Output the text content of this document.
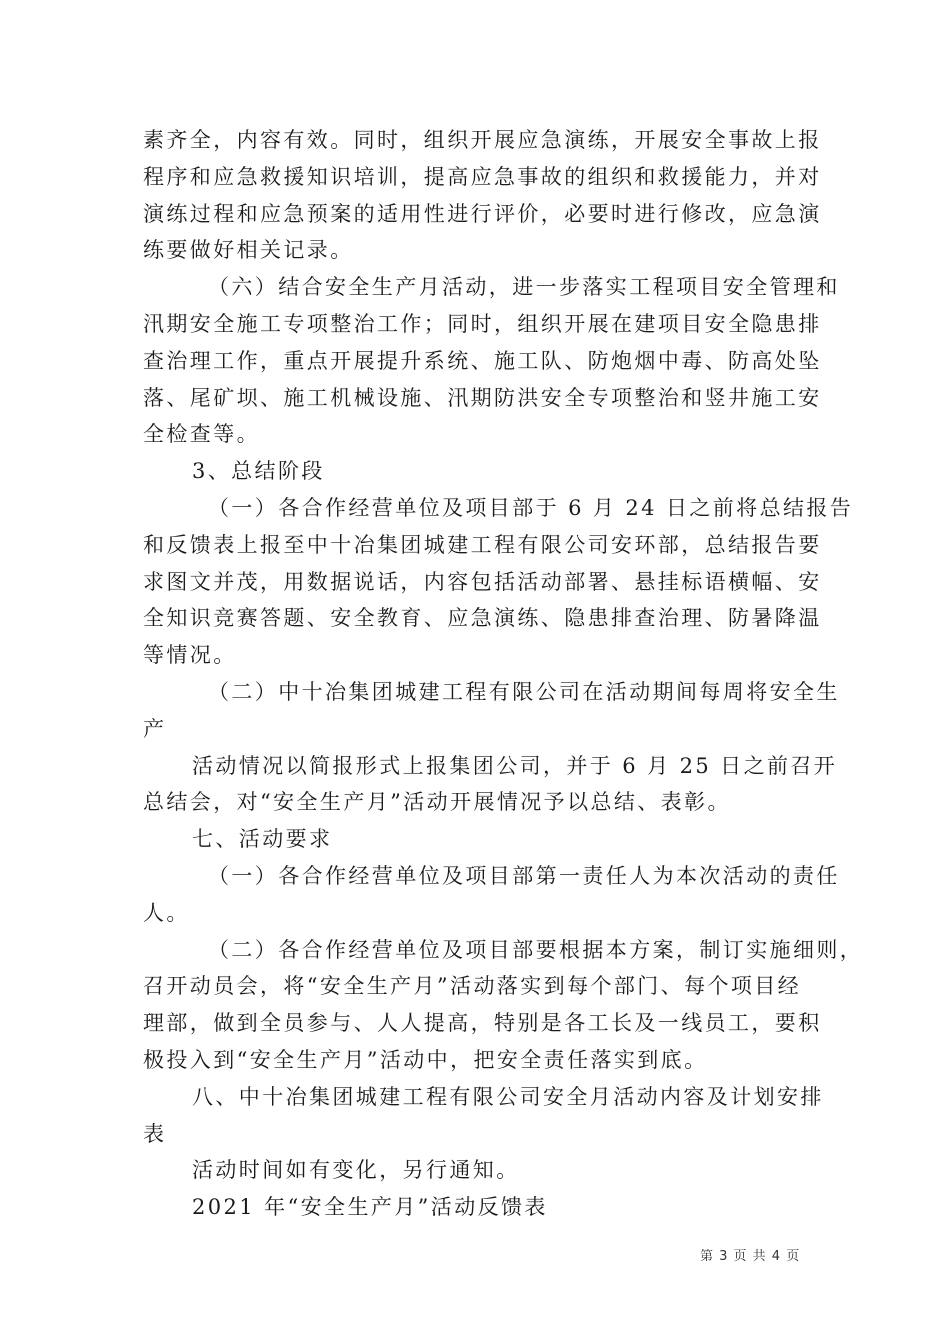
素齐全，内容有效。同时，组织开展应急演练，开展安全事故上报
程序和应急救援知识培训，提高应急事故的组织和救援能力，并对
演练过程和应急预案的适用性进行评价，必要时进行修改，应急演
练要做好相关记录。
（六）结合安全生产月活动，进一步落实工程项目安全管理和
汛期安全施工专项整治工作；同时，组织开展在建项目安全隐患排
查治理工作，重点开展提升系统、施工队、防炮烟中毒、防高处坠
落、尾矿坝、施工机械设施、汛期防洪安全专项整治和竖井施工安
全检查等。
3、总结阶段
（一）各合作经营单位及项目部于 6 月 24 日之前将总结报告
和反馈表上报至中十冶集团城建工程有限公司安环部，总结报告要
求图文并茂，用数据说话，内容包括活动部署、悬挂标语横幅、安
全知识竞赛答题、安全教育、应急演练、隐患排查治理、防暑降温
等情况。
（二）中十冶集团城建工程有限公司在活动期间每周将安全生
产
活动情况以简报形式上报集团公司，并于 6 月 25 日之前召开
总结会，对“安全生产月”活动开展情况予以总结、表彰。
七、活动要求
（一）各合作经营单位及项目部第一责任人为本次活动的责任
人。
（二）各合作经营单位及项目部要根据本方案，制订实施细则，
召开动员会，将“安全生产月”活动落实到每个部门、每个项目经
理部，做到全员参与、人人提高，特别是各工长及一线员工，要积
极投入到“安全生产月”活动中，把安全责任落实到底。
八、中十冶集团城建工程有限公司安全月活动内容及计划安排
表
活动时间如有变化，另行通知。
2021 年“安全生产月”活动反馈表
第 3 页 共 4 页
